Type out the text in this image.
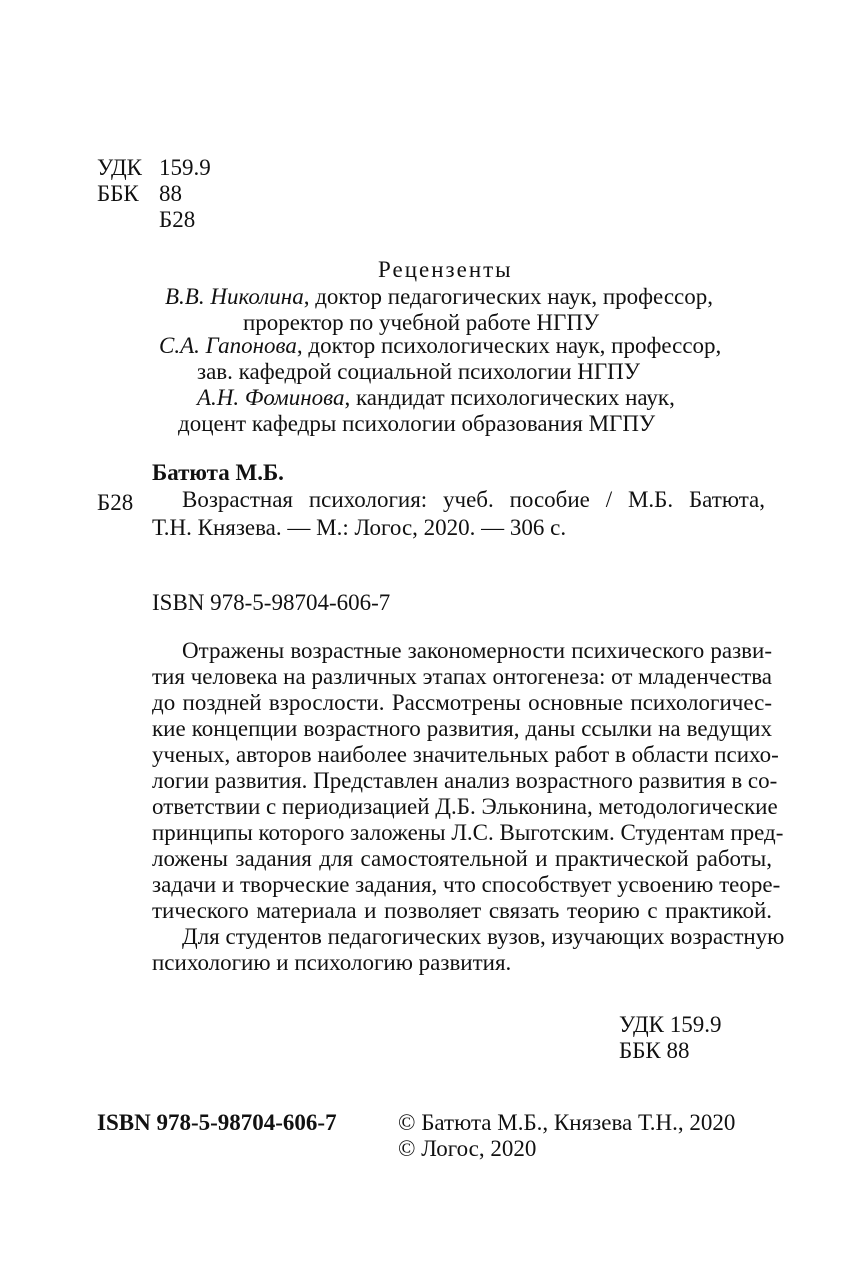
УДК 159.9
ББК 88
Б28
Рецензенты
В.В. Николина, доктор педагогических наук, профессор,
проректор по учебной работе НГПУ
С.А. Гапонова, доктор психологических наук, профессор,
зав. кафедрой социальной психологии НГПУ
А.Н. Фоминова, кандидат психологических наук,
доцент кафедры психологии образования МГПУ
Батюта М.Б.
Б28 Возрастная психология: учеб. пособие / М.Б. Батюта,
Т.Н. Князева. — М.: Логос, 2020. — 306 с.
ISBN 978-5-98704-606-7
Отражены возрастные закономерности психического разви-
тия человека на различных этапах онтогенеза: от младенчества
до поздней взрослости. Рассмотрены основные психологичес-
кие концепции возрастного развития, даны ссылки на ведущих
ученых, авторов наиболее значительных работ в области психо-
логии развития. Представлен анализ возрастного развития в со-
ответствии с периодизацией Д.Б. Эльконина, методологические
принципы которого заложены Л.С. Выготским. Студентам пред-
ложены задания для самостоятельной и практической работы,
задачи и творческие задания, что способствует усвоению теоре-
тического материала и позволяет связать теорию с практикой.
Для студентов педагогических вузов, изучающих возрастную
психологию и психологию развития.
УДК 159.9
ББК 88
ISBN 978-5-98704-606-7	© Батюта М.Б., Князева Т.Н., 2020
© Логос, 2020
